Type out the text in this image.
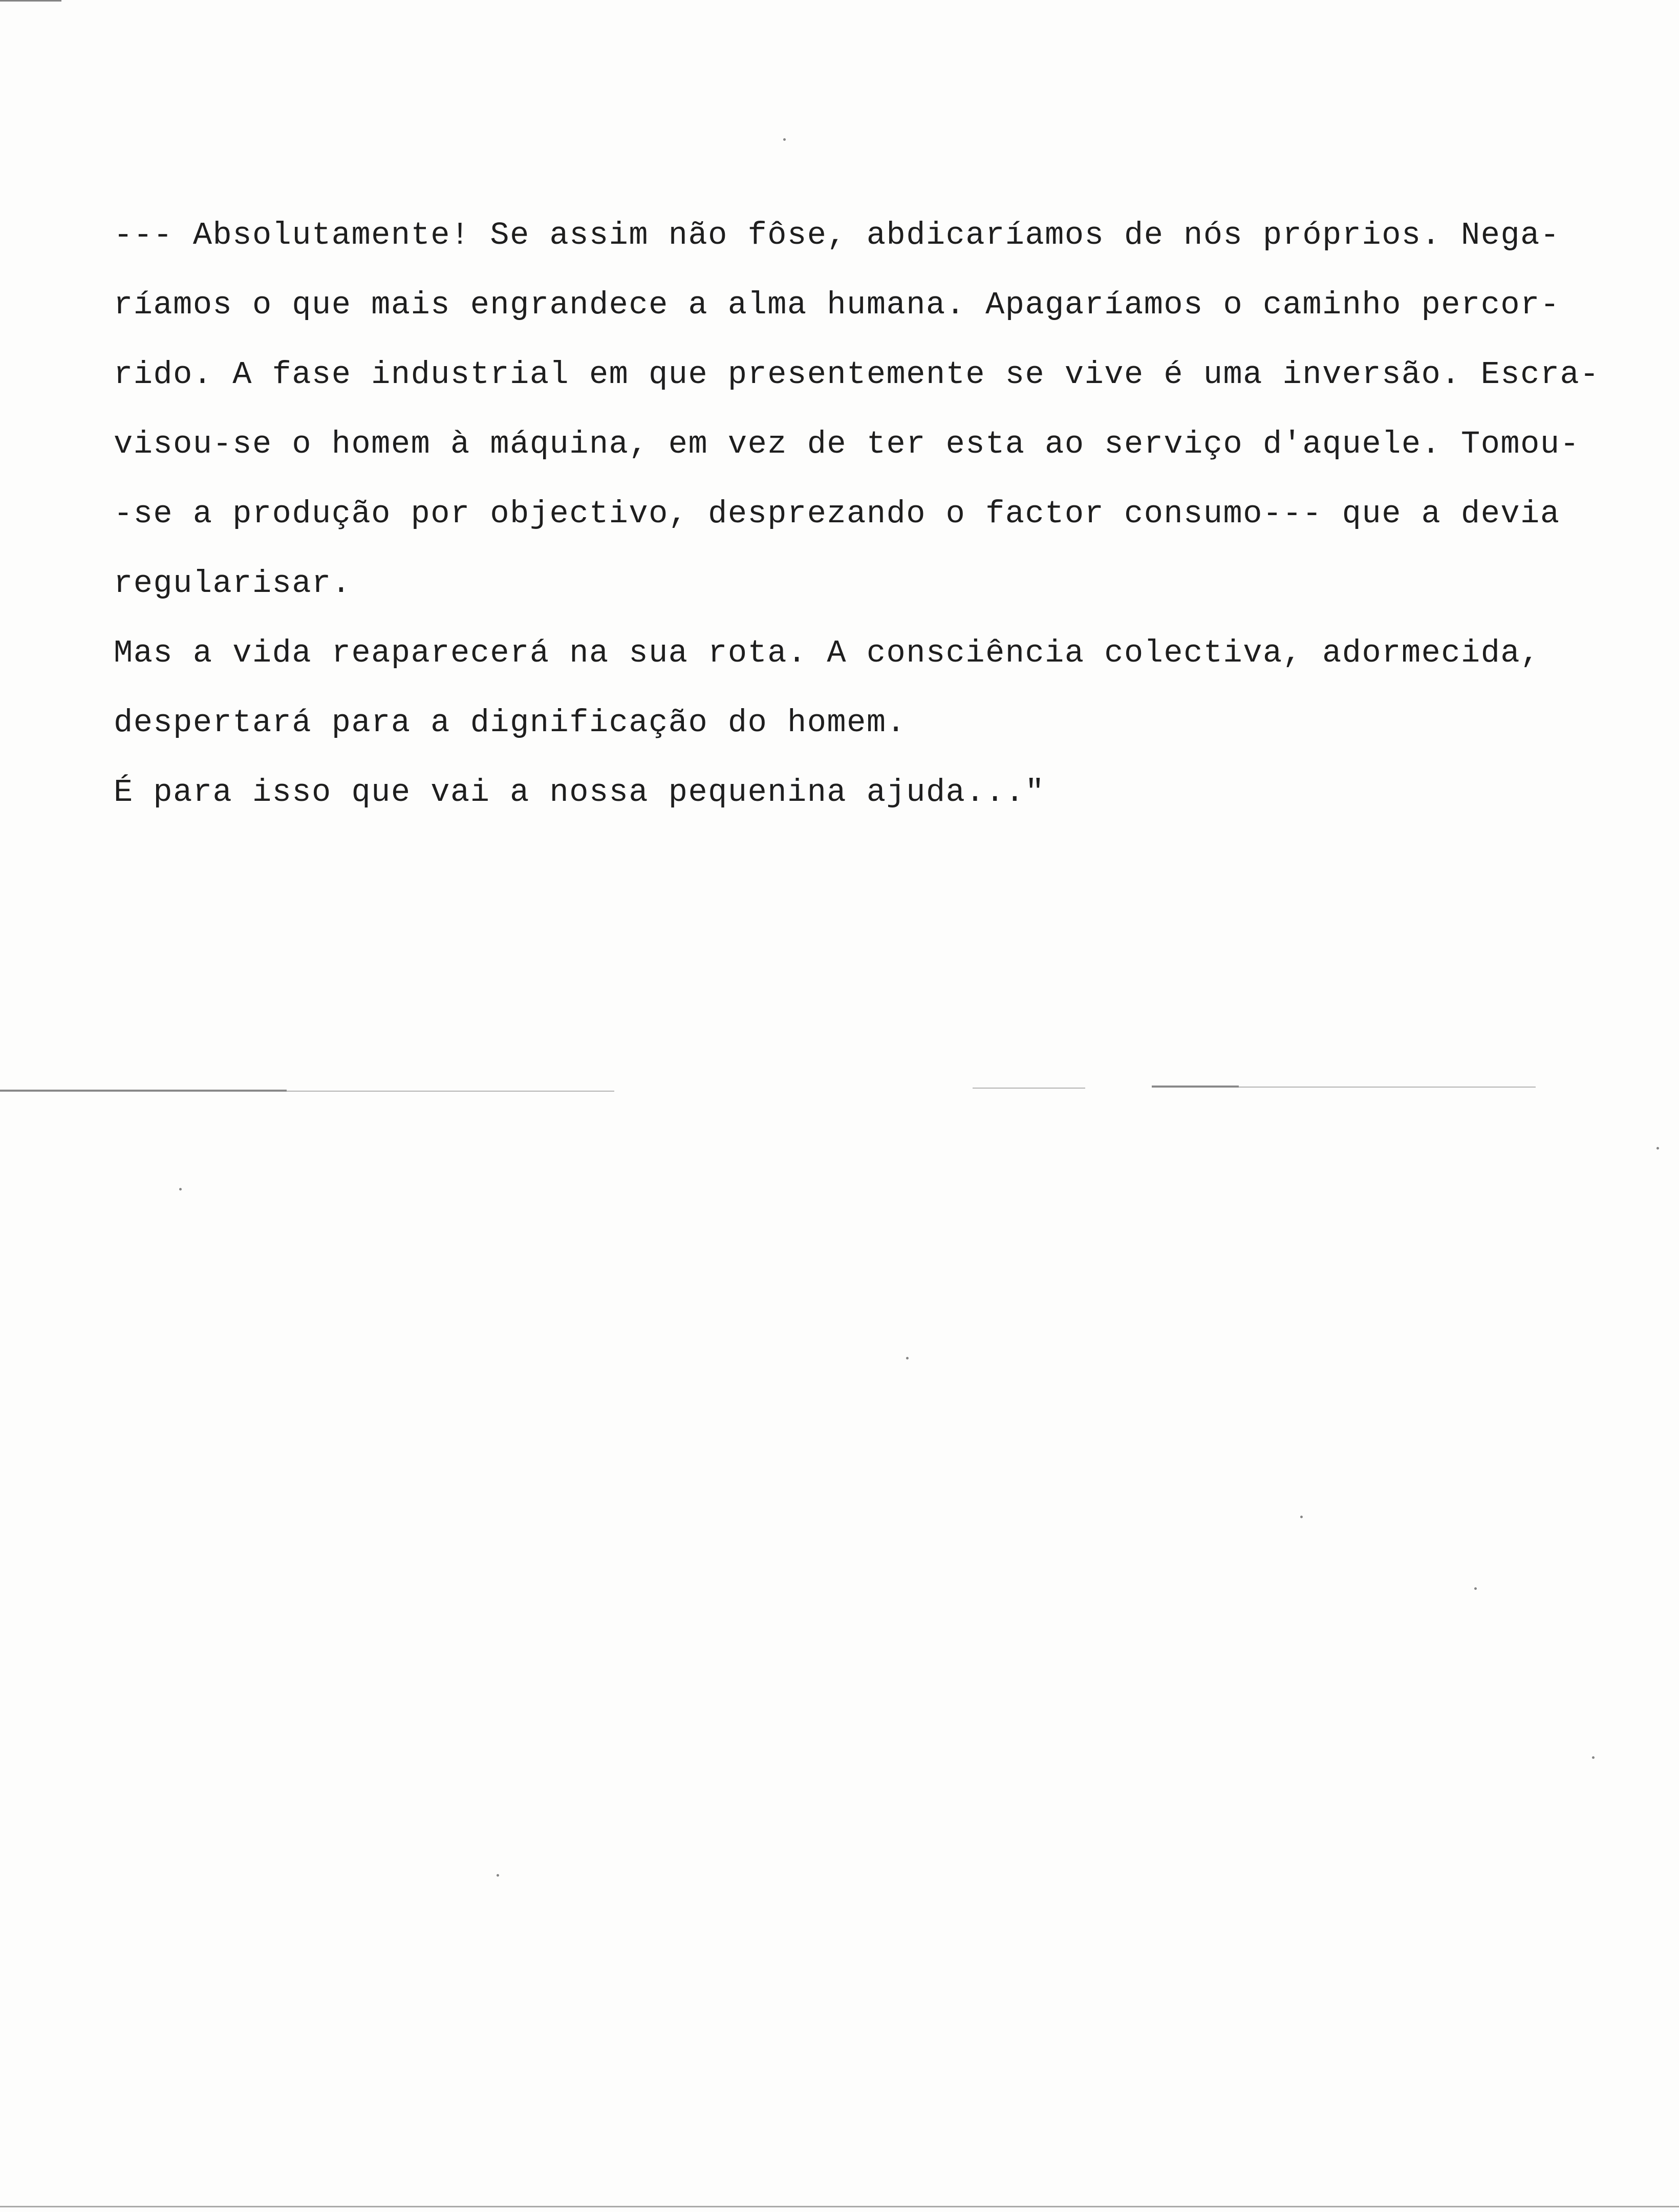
--- Absolutamente! Se assim não fôse, abdicaríamos de nós próprios. Nega-
ríamos o que mais engrandece a alma humana. Apagaríamos o caminho percor-
rido. A fase industrial em que presentemente se vive é uma inversão. Escra-
visou-se o homem à máquina, em vez de ter esta ao serviço d'aquele. Tomou-
-se a produção por objectivo, desprezando o factor consumo--- que a devia
regularisar.
Mas a vida reaparecerá na sua rota. A consciência colectiva, adormecida,
despertará para a dignificação do homem.
É para isso que vai a nossa pequenina ajuda..."
